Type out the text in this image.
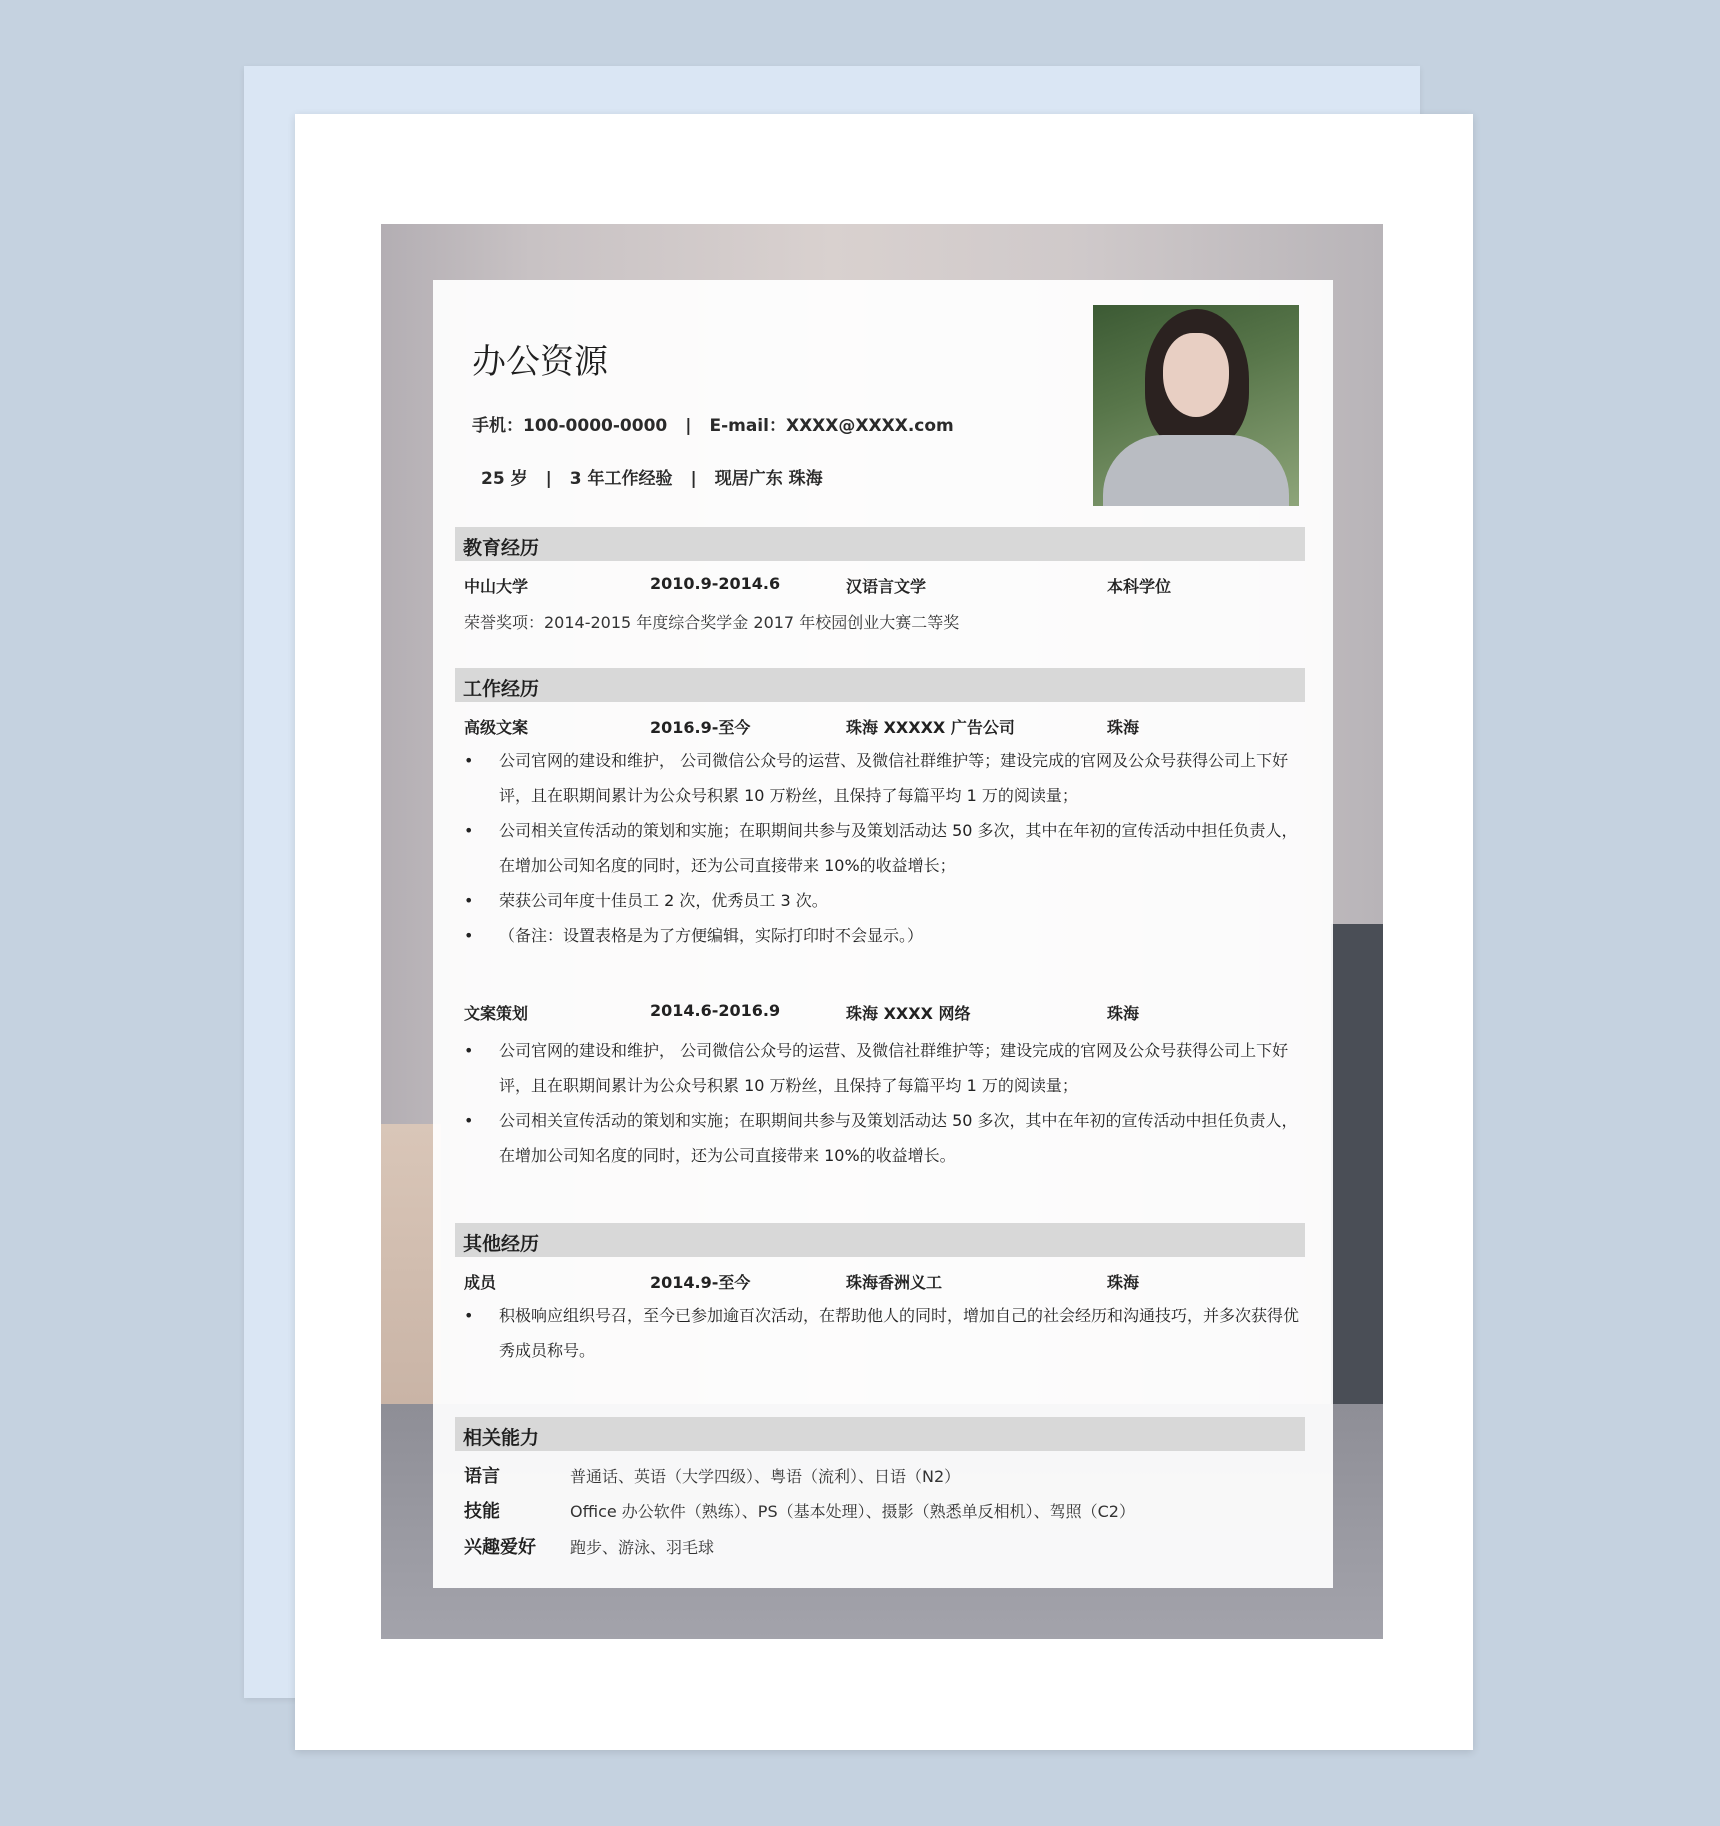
办公资源
手机：100-0000-0000 | E-mail：XXXX@XXXX.com
25 岁 | 3 年工作经验 | 现居广东 珠海
教育经历
中山大学	2010.9-2014.6	汉语言文学	本科学位
荣誉奖项：2014-2015 年度综合奖学金 2017 年校园创业大赛二等奖
工作经历
高级文案	2016.9-至今	珠海 XXXXX 广告公司	珠海
•	公司官网的建设和维护， 公司微信公众号的运营、及微信社群维护等；建设完成的官网及公众号获得公司上下好评，且在职期间累计为公众号积累 10 万粉丝，且保持了每篇平均 1 万的阅读量；
•	公司相关宣传活动的策划和实施；在职期间共参与及策划活动达 50 多次，其中在年初的宣传活动中担任负责人，在增加公司知名度的同时，还为公司直接带来 10%的收益增长；
•	荣获公司年度十佳员工 2 次，优秀员工 3 次。
•	（备注：设置表格是为了方便编辑，实际打印时不会显示。）
文案策划	2014.6-2016.9	珠海 XXXX 网络	珠海
•	公司官网的建设和维护， 公司微信公众号的运营、及微信社群维护等；建设完成的官网及公众号获得公司上下好评，且在职期间累计为公众号积累 10 万粉丝，且保持了每篇平均 1 万的阅读量；
•	公司相关宣传活动的策划和实施；在职期间共参与及策划活动达 50 多次，其中在年初的宣传活动中担任负责人，在增加公司知名度的同时，还为公司直接带来 10%的收益增长。
其他经历
成员	2014.9-至今	珠海香洲义工	珠海
•	积极响应组织号召，至今已参加逾百次活动，在帮助他人的同时，增加自己的社会经历和沟通技巧，并多次获得优秀成员称号。
相关能力
语言	普通话、英语（大学四级）、粤语（流利）、日语（N2）
技能	Office 办公软件（熟练）、PS（基本处理）、摄影（熟悉单反相机）、驾照（C2）
兴趣爱好 跑步、游泳、羽毛球
